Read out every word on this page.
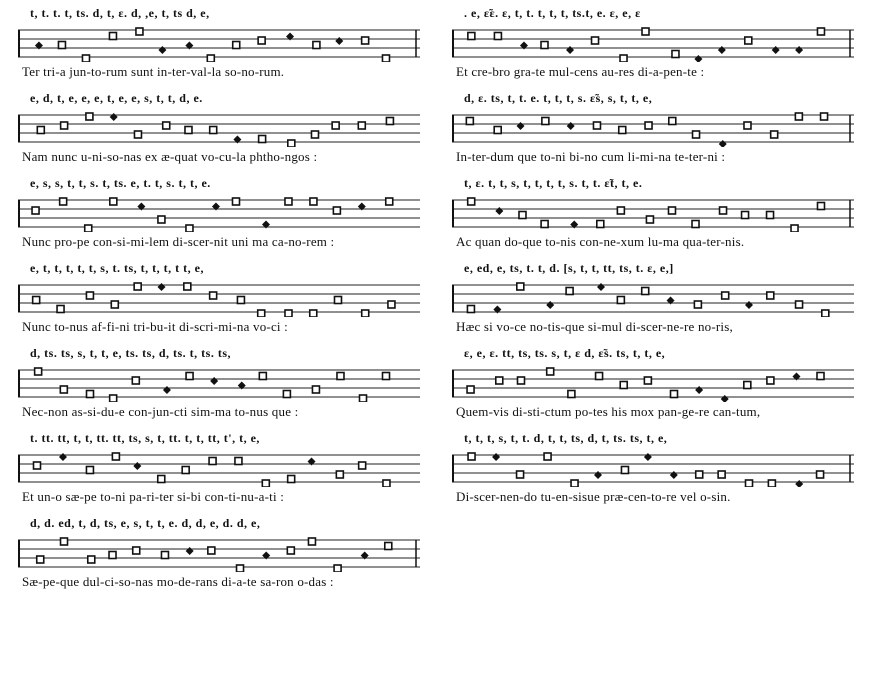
t, t. t. t, ts. d, t, ε. d, ,e, t, ts d, e,
Ter tri-a jun-to-rum sunt in-ter-val-la so-no-rum.
e, d, t, e, e, e, t, e, e, s, t, t, d, e.
Nam nunc u-ni-so-nas ex æ-quat vo-cu-la phtho-ngos :
e, s, s, t, t, s. t, ts. e, t. t, s. t, t, e.
Nunc pro-pe con-si-mi-lem di-scer-nit uni ma ca-no-rem :
e, t, t, t, t, t, s, t. ts, t, t, t, t t, e,
Nunc to-nus af-fi-ni tri-bu-it di-scri-mi-na vo-ci :
d, ts. ts, s, t, t, e, ts. ts, d, ts. t, ts. ts,
Nec-non as-si-du-e con-jun-cti sim-ma to-nus que :
t. tt. tt, t, t, tt. tt, ts, s, t, tt. t, t, tt, t', t, e,
Et un-o sæ-pe to-ni pa-ri-ter si-bi con-ti-nu-a-ti :
d, d. ed, t, d, ts, e, s, t, t, e. d, d, e, d. d, e,
Sæ-pe-que dul-ci-so-nas mo-de-rans di-a-te sa-ron o-das :
. e, ε̃ε. ε, t, t. t, t, t, ts.t, e. ε, e, ε
Et cre-bro gra-te mul-cens au-res di-a-pen-te :
d, ε. ts, t, t. e. t, t, t, s. ε̃s, s, t, t, e,
In-ter-dum que to-ni bi-no cum li-mi-na te-ter-ni :
t, ε. t, t, s, t, t, t, t, s. t, t. ε̃t, t, e.
Ac quan do-que to-nis con-ne-xum lu-ma qua-ter-nis.
e, ed, e, ts, t. t, d. [s, t, t, tt, ts, t. ε, e,]
Hæc si vo-ce no-tis-que si-mul di-scer-ne-re no-ris,
ε, e, ε. tt, ts, ts. s, t, ε d, ε̃s. ts, t, t, e,
Quem-vis di-sti-ctum po-tes his mox pan-ge-re can-tum,
t, t, t, s, t, t. d, t, t, ts, d, t, ts. ts, t, e,
Di-scer-nen-do tu-en-sisue præ-cen-to-re vel o-sin.
